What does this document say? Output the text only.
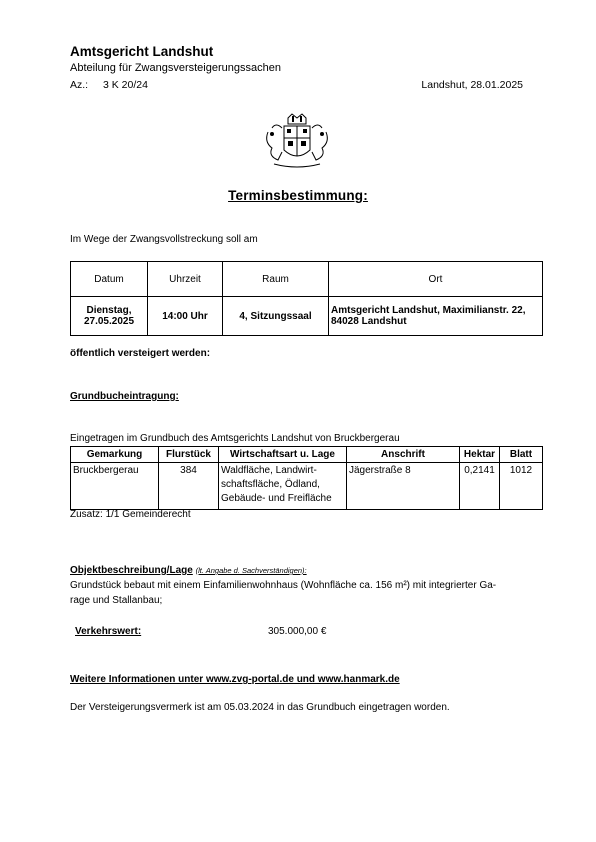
Amtsgericht Landshut
Abteilung für Zwangsversteigerungssachen
Az.: 3 K 20/24	Landshut, 28.01.2025
Terminsbestimmung:
Im Wege der Zwangsvollstreckung soll am
Datum	Uhrzeit	Raum	Ort

Dienstag,
27.05.2025	14:00 Uhr	4, Sitzungssaal	Amtsgericht Landshut, Maximilianstr. 22, 84028 Landshut
öffentlich versteigert werden:
Grundbucheintragung:
Eingetragen im Grundbuch des Amtsgerichts Landshut von Bruckbergerau
Gemarkung	Flurstück	Wirtschaftsart u. Lage	Anschrift	Hektar	Blatt
Bruckbergerau	384	Waldfläche, Landwirt-schaftsfläche, Ödland, Gebäude- und Freifläche	Jägerstraße 8	0,2141	1012
Zusatz: 1/1 Gemeinderecht
Objektbeschreibung/Lage (lt. Angabe d. Sachverständigen):
Grundstück bebaut mit einem Einfamilienwohnhaus (Wohnfläche ca. 156 m²) mit integrierter Ga-
rage und Stallanbau;
Verkehrswert:	305.000,00 €
Weitere Informationen unter www.zvg-portal.de und www.hanmark.de
Der Versteigerungsvermerk ist am 05.03.2024 in das Grundbuch eingetragen worden.
